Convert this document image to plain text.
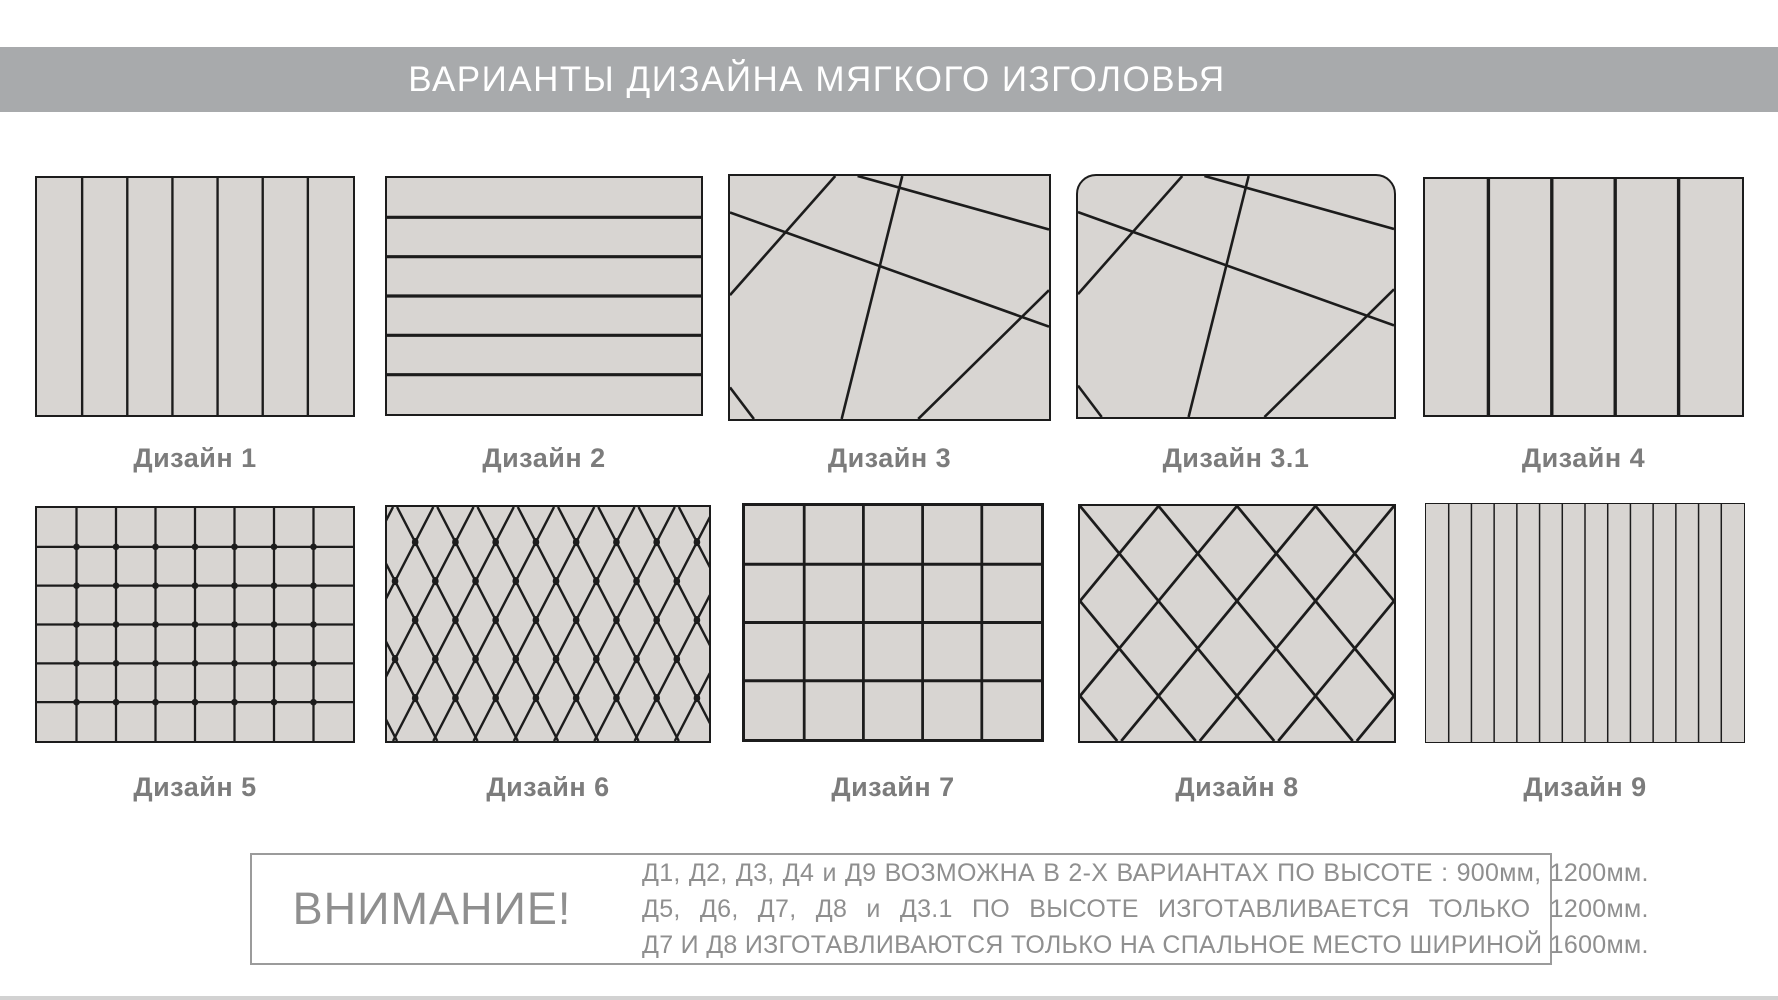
ВАРИАНТЫ ДИЗАЙНА МЯГКОГО ИЗГОЛОВЬЯ
Дизайн 1	Дизайн 2	Дизайн 3	Дизайн 3.1	Дизайн 4
Дизайн 5	Дизайн 6	Дизайн 7	Дизайн 8	Дизайн 9
ВНИМАНИЕ!
Д1, Д2, Д3, Д4 и Д9 ВОЗМОЖНА В 2-Х ВАРИАНТАХ ПО ВЫСОТЕ : 900мм, 1200мм.
Д5, Д6, Д7, Д8 и Д3.1 ПО ВЫСОТЕ ИЗГОТАВЛИВАЕТСЯ ТОЛЬКО 1200мм.
Д7 И Д8 ИЗГОТАВЛИВАЮТСЯ ТОЛЬКО НА СПАЛЬНОЕ МЕСТО ШИРИНОЙ 1600мм.
